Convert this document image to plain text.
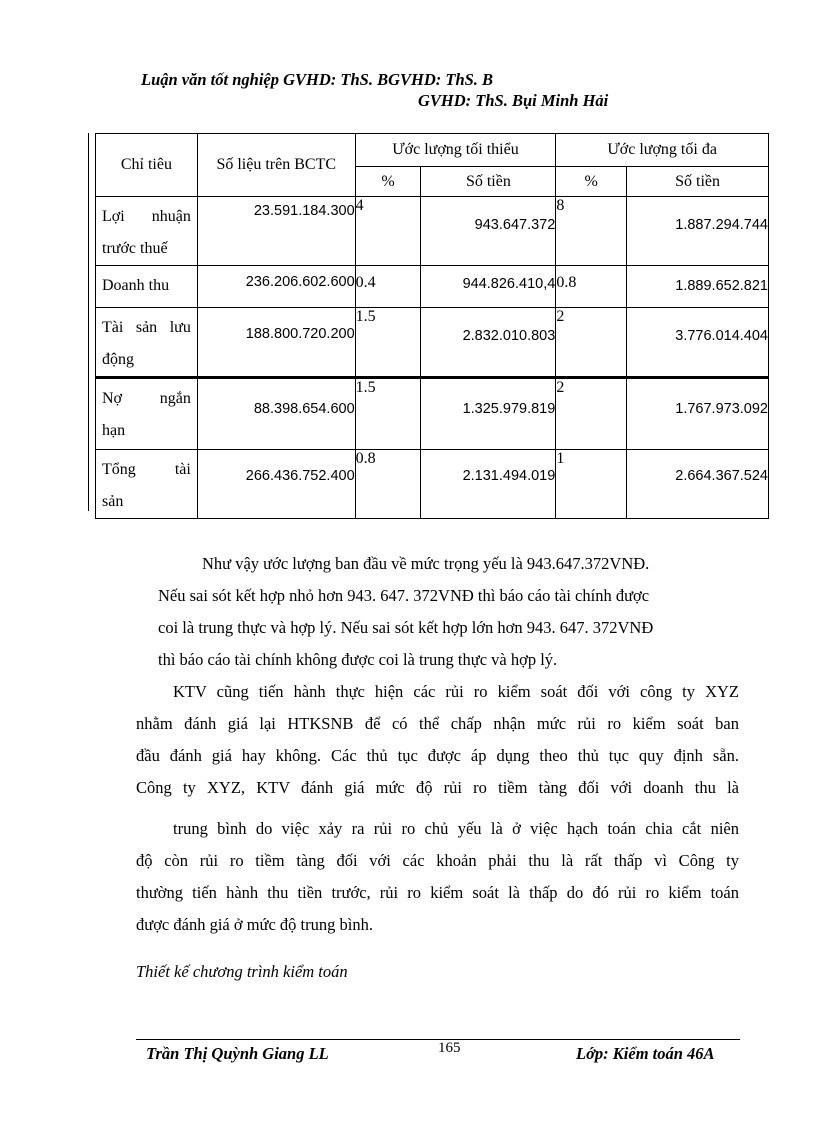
Luận văn tốt nghiệp GVHD: ThS. BGVHD: ThS. B
GVHD: ThS. Bụi Minh Hải
Chỉ tiêu	Số liệu trên BCTC	Ước lượng tối thiểu		Ước lượng tối đa	
		%	Số tiền	%	Số tiền

Lợi nhuận
trước thuế	23.591.184.300	4	943.647.372	8	1.887.294.744

Doanh thu	236.206.602.600	0.4	944.826.410,4	0.8	1.889.652.821

Tài sản lưu
động	188.800.720.200	1.5	2.832.010.803	2	3.776.014.404

Nợ ngắn
hạn	88.398.654.600	1.5	1.325.979.819	2	1.767.973.092

Tổng tài
sản	266.436.752.400	0.8	2.131.494.019	1	2.664.367.524
Như vậy ước lượng ban đầu về mức trọng yếu là 943.647.372VNĐ.
Nếu sai sót kết hợp nhỏ hơn 943. 647. 372VNĐ thì báo cáo tài chính được
coi là trung thực và hợp lý. Nếu sai sót kết hợp lớn hơn 943. 647. 372VNĐ
thì báo cáo tài chính không được coi là trung thực và hợp lý.
KTV cũng tiến hành thực hiện các rủi ro kiểm soát đối với công ty XYZ
nhằm đánh giá lại HTKSNB để có thể chấp nhận mức rủi ro kiểm soát ban
đầu đánh giá hay không. Các thủ tục được áp dụng theo thủ tục quy định sẵn.
Công ty XYZ, KTV đánh giá mức độ rủi ro tiềm tàng đối với doanh thu là
trung bình do việc xảy ra rủi ro chủ yếu là ở việc hạch toán chia cắt niên
độ còn rủi ro tiềm tàng đối với các khoản phải thu là rất thấp vì Công ty
thường tiến hành thu tiền trước, rủi ro kiểm soát là thấp do đó rủi ro kiểm toán
được đánh giá ở mức độ trung bình.
Thiết kế chương trình kiểm toán
Trần Thị Quỳnh Giang LL	165	Lớp: Kiểm toán 46A
